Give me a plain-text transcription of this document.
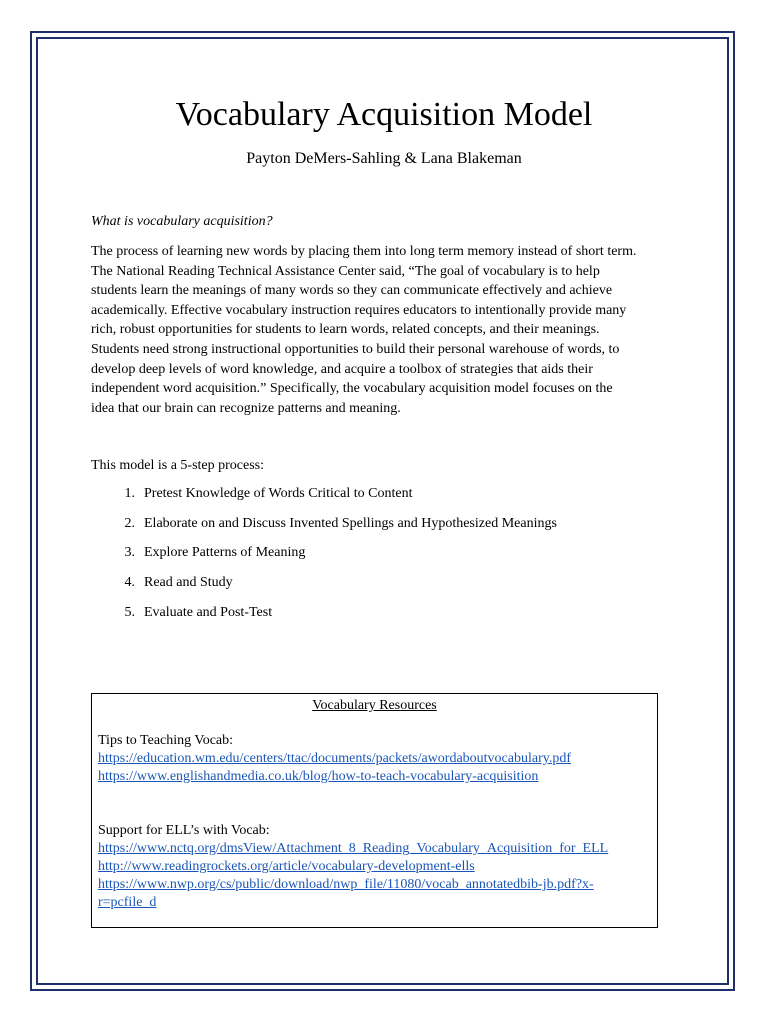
Vocabulary Acquisition Model
Payton DeMers-Sahling & Lana Blakeman
What is vocabulary acquisition?
The process of learning new words by placing them into long term memory instead of short term.
The National Reading Technical Assistance Center said, “The goal of vocabulary is to help
students learn the meanings of many words so they can communicate effectively and achieve
academically. Effective vocabulary instruction requires educators to intentionally provide many
rich, robust opportunities for students to learn words, related concepts, and their meanings.
Students need strong instructional opportunities to build their personal warehouse of words, to
develop deep levels of word knowledge, and acquire a toolbox of strategies that aids their
independent word acquisition.” Specifically, the vocabulary acquisition model focuses on the
idea that our brain can recognize patterns and meaning.
This model is a 5-step process:
1. Pretest Knowledge of Words Critical to Content
2. Elaborate on and Discuss Invented Spellings and Hypothesized Meanings
3. Explore Patterns of Meaning
4. Read and Study
5. Evaluate and Post-Test
Vocabulary Resources
Tips to Teaching Vocab:
https://education.wm.edu/centers/ttac/documents/packets/awordaboutvocabulary.pdf
https://www.englishandmedia.co.uk/blog/how-to-teach-vocabulary-acquisition
Support for ELL’s with Vocab:
https://www.nctq.org/dmsView/Attachment_8_Reading_Vocabulary_Acquisition_for_ELL
http://www.readingrockets.org/article/vocabulary-development-ells
https://www.nwp.org/cs/public/download/nwp_file/11080/vocab_annotatedbib-jb.pdf?x-
r=pcfile_d
